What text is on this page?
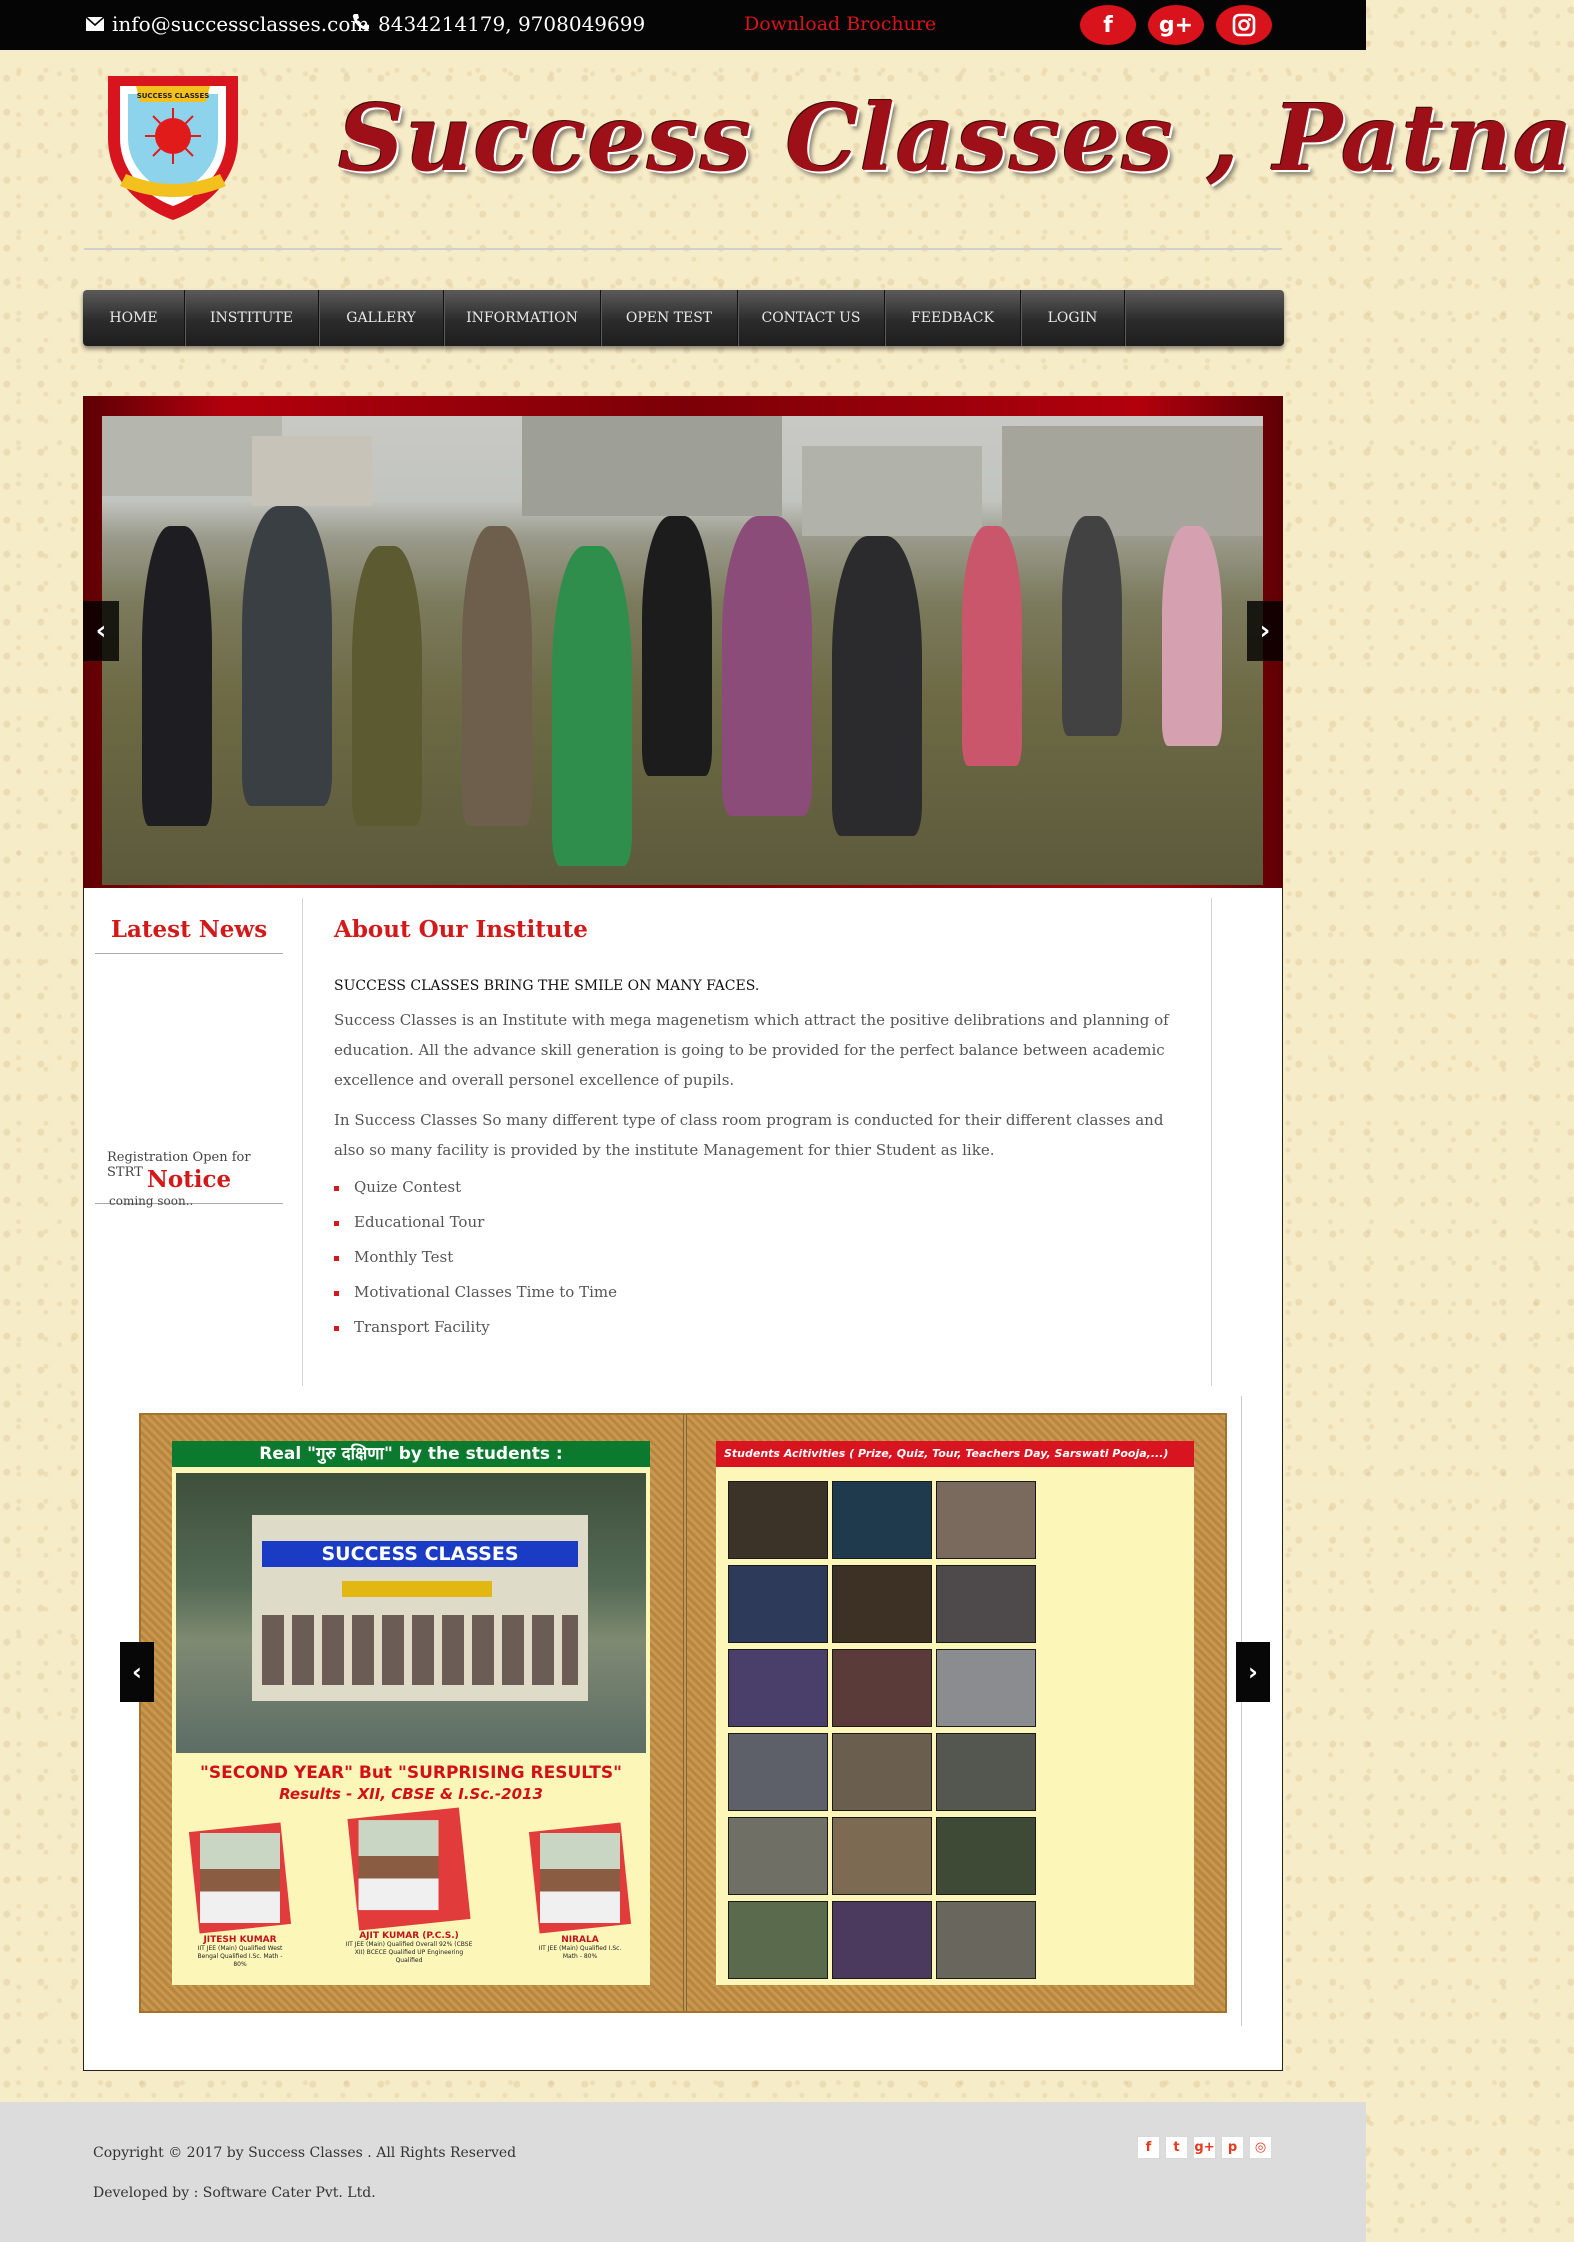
info@successclasses.com 8434214179, 9708049699	Download Brochure	f	g+
SUCCESS CLASSES Success Classes , Patna
HOME	INSTITUTE	GALLERY	INFORMATION	OPEN TEST	CONTACT US	FEEDBACK	LOGIN
‹	›
Latest News
Registration Open for STRT Notice
coming soon..
About Our Institute
SUCCESS CLASSES BRING THE SMILE ON MANY FACES.

Success Classes is an Institute with mega magenetism which attract the positive delibrations and planning of education. All the advance skill generation is going to be provided for the perfect balance between academic excellence and overall personel excellence of pupils.

In Success Classes So many different type of class room program is conducted for their different classes and also so many facility is provided by the institute Management for thier Student as like.

Quize Contest
Educational Tour
Monthly Test
Motivational Classes Time to Time
Transport Facility
Real "गुरु दक्षिणा" by the students :
SUCCESS CLASSES
"SECOND YEAR" But "SURPRISING RESULTS"
Results - XII, CBSE & I.Sc.-2013
JITESH KUMAR
IIT JEE (Main) Qualified West Bengal Qualified I.Sc. Math - 80%
AJIT KUMAR (P.C.S.)
IIT JEE (Main) Qualified Overall 92% (CBSE XII) BCECE Qualified UP Engineering Qualified
NIRALA
IIT JEE (Main) Qualified I.Sc. Math - 80%
Students Acitivities ( Prize, Quiz, Tour, Teachers Day, Sarswati Pooja,...)
‹	›
Copyright © 2017 by Success Classes . All Rights Reserved
Developed by : Software Cater Pvt. Ltd.
f	t	g+	p	◎
